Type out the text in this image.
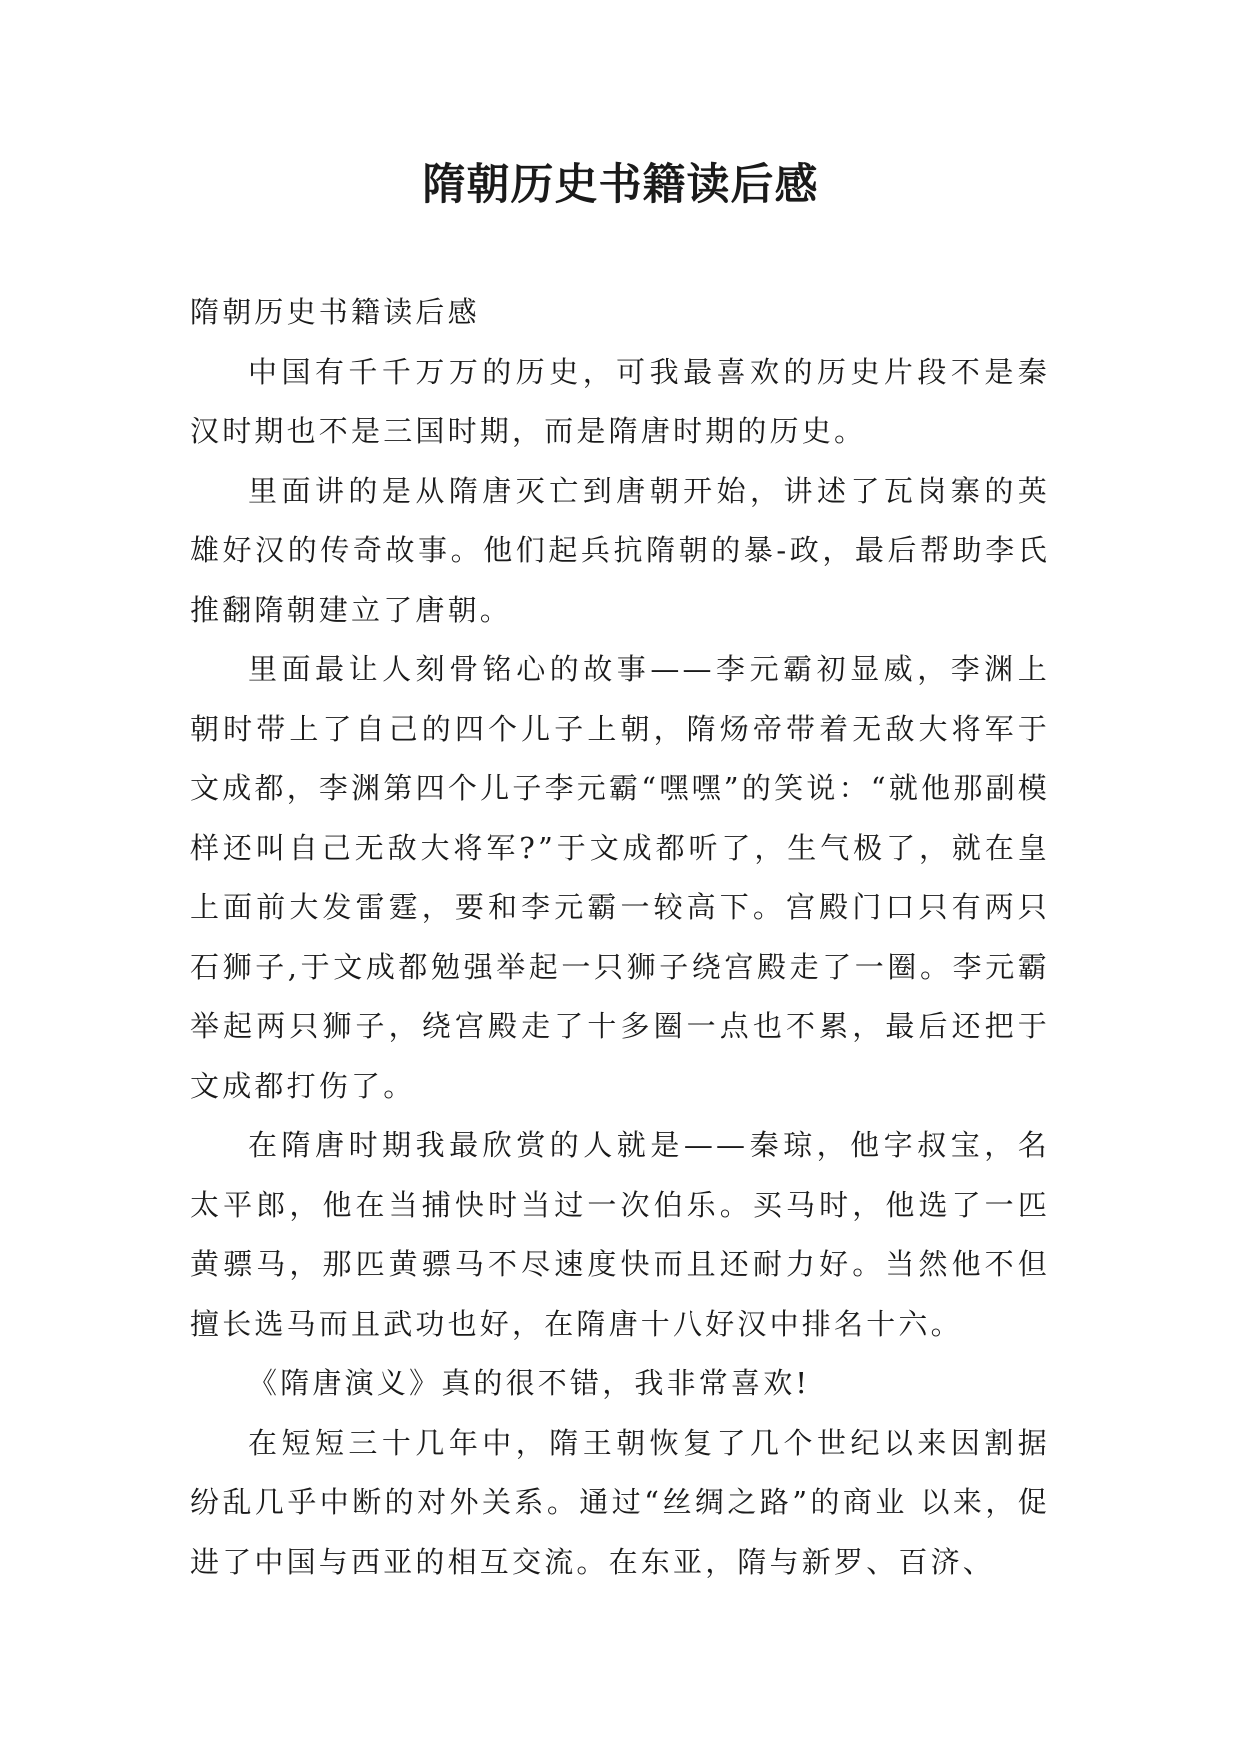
隋朝历史书籍读后感

隋朝历史书籍读后感

中国有千千万万的历史，可我最喜欢的历史片段不是秦汉时期也不是三国时期，而是隋唐时期的历史。

里面讲的是从隋唐灭亡到唐朝开始，讲述了瓦岗寨的英雄好汉的传奇故事。他们起兵抗隋朝的暴-政，最后帮助李氏推翻隋朝建立了唐朝。

里面最让人刻骨铭心的故事——李元霸初显威，李渊上朝时带上了自己的四个儿子上朝，隋炀帝带着无敌大将军于文成都，李渊第四个儿子李元霸“嘿嘿”的笑说：“就他那副模样还叫自己无敌大将军?”于文成都听了，生气极了，就在皇上面前大发雷霆，要和李元霸一较高下。宫殿门口只有两只石狮子,于文成都勉强举起一只狮子绕宫殿走了一圈。李元霸举起两只狮子，绕宫殿走了十多圈一点也不累，最后还把于文成都打伤了。

在隋唐时期我最欣赏的人就是——秦琼，他字叔宝，名太平郎，他在当捕快时当过一次伯乐。买马时，他选了一匹黄骠马，那匹黄骠马不尽速度快而且还耐力好。当然他不但擅长选马而且武功也好，在隋唐十八好汉中排名十六。

《隋唐演义》真的很不错，我非常喜欢!

在短短三十几年中，隋王朝恢复了几个世纪以来因割据纷乱几乎中断的对外关系。通过“丝绸之路”的商业 以来，促进了中国与西亚的相互交流。在东亚，隋与新罗、百济、
